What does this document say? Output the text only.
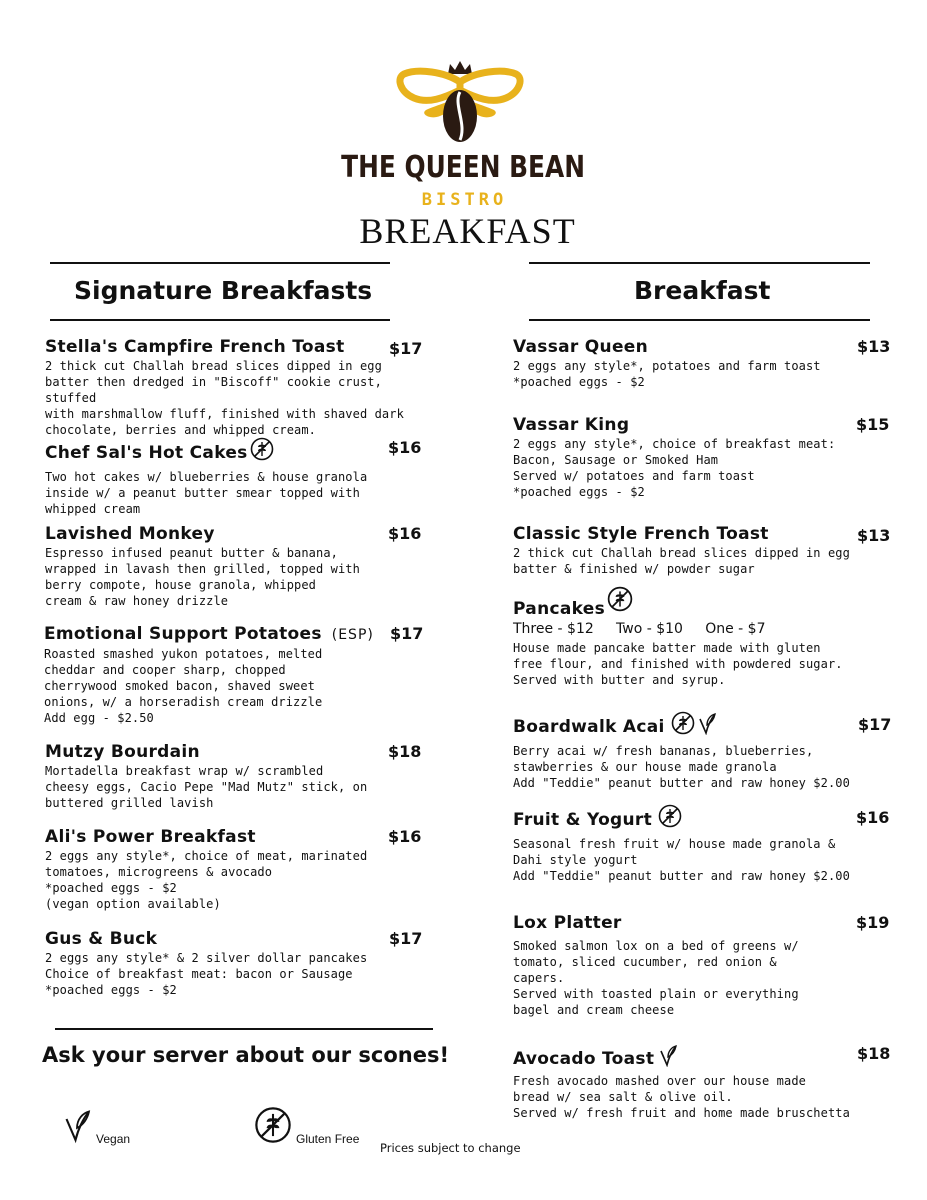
THE QUEEN BEAN
BISTRO
BREAKFAST
Signature Breakfasts	Breakfast
Stella's Campfire French Toast	$17
2 thick cut Challah bread slices dipped in egg
batter then dredged in "Biscoff" cookie crust, stuffed
with marshmallow fluff, finished with shaved dark
chocolate, berries and whipped cream.
Chef Sal's Hot Cakes	$16
Two hot cakes w/ blueberries & house granola
inside w/ a peanut butter smear topped with
whipped cream
Lavished Monkey	$16
Espresso infused peanut butter & banana,
wrapped in lavash then grilled, topped with
berry compote, house granola, whipped
cream & raw honey drizzle
Emotional Support Potatoes (ESP)	$17
Roasted smashed yukon potatoes, melted
cheddar and cooper sharp, chopped
cherrywood smoked bacon, shaved sweet
onions, w/ a horseradish cream drizzle
Add egg - $2.50
Mutzy Bourdain	$18
Mortadella breakfast wrap w/ scrambled
cheesy eggs, Cacio Pepe "Mad Mutz" stick, on
buttered grilled lavish
Ali's Power Breakfast	$16
2 eggs any style*, choice of meat, marinated
tomatoes, microgreens & avocado
*poached eggs - $2
(vegan option available)
Gus & Buck	$17
2 eggs any style* & 2 silver dollar pancakes
Choice of breakfast meat: bacon or Sausage
*poached eggs - $2
Ask your server about our scones!
Vassar Queen	$13
2 eggs any style*, potatoes and farm toast
*poached eggs - $2
Vassar King	$15
2 eggs any style*, choice of breakfast meat:
Bacon, Sausage or Smoked Ham
Served w/ potatoes and farm toast
*poached eggs - $2
Classic Style French Toast	$13
2 thick cut Challah bread slices dipped in egg
batter & finished w/ powder sugar
Pancakes
Three - $12     Two - $10     One - $7
House made pancake batter made with gluten
free flour, and finished with powdered sugar.
Served with butter and syrup.
Boardwalk Acai	$17
Berry acai w/ fresh bananas, blueberries,
stawberries & our house made granola
Add "Teddie" peanut butter and raw honey $2.00
Fruit & Yogurt	$16
Seasonal fresh fruit w/ house made granola &
Dahi style yogurt
Add "Teddie" peanut butter and raw honey $2.00
Lox Platter	$19
Smoked salmon lox on a bed of greens w/
tomato, sliced cucumber, red onion &
capers.
Served with toasted plain or everything
bagel and cream cheese
Avocado Toast	$18
Fresh avocado mashed over our house made
bread w/ sea salt & olive oil.
Served w/ fresh fruit and home made bruschetta
Vegan	Gluten Free
Prices subject to change
